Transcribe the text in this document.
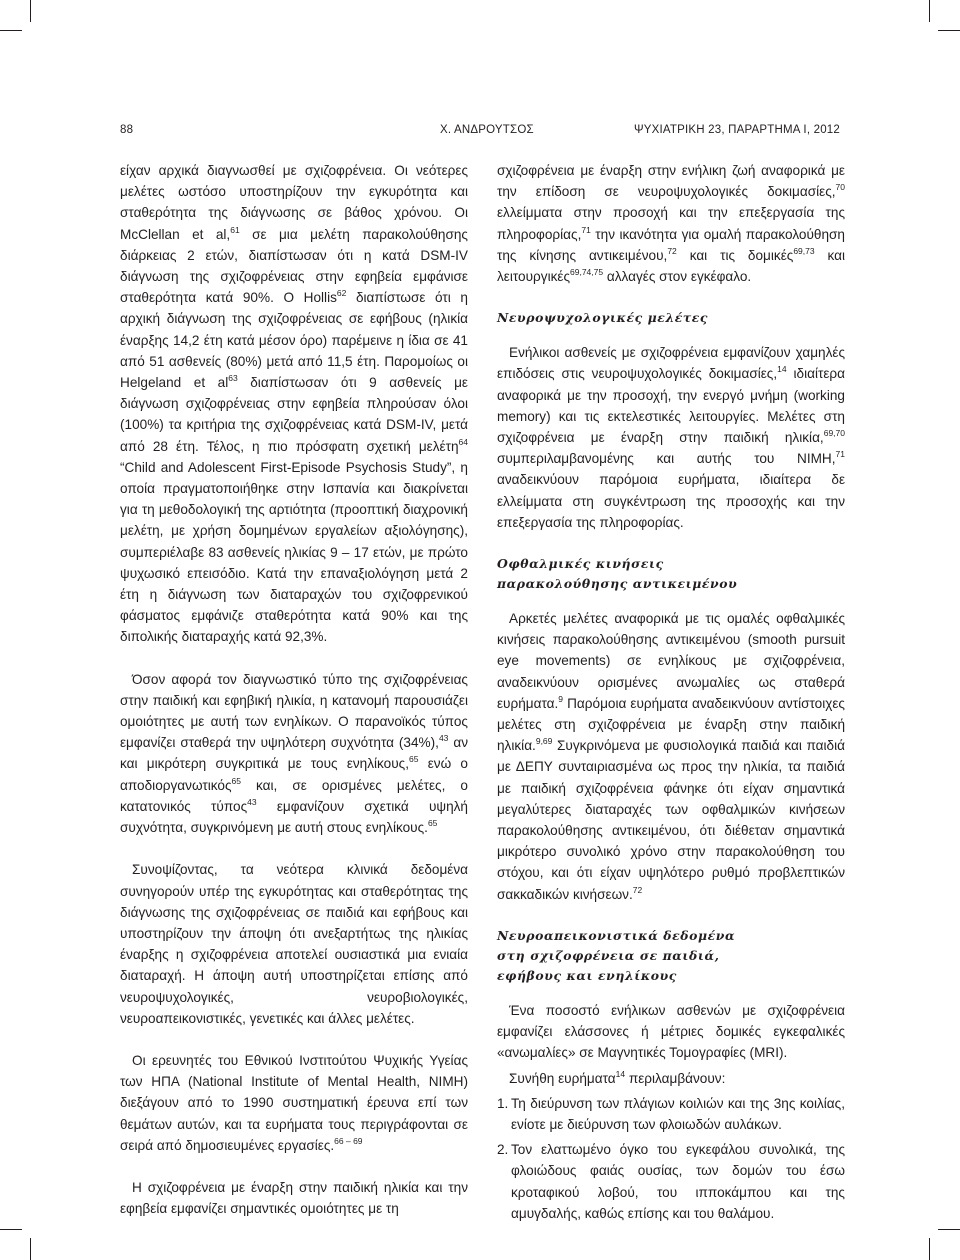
88	Χ. ΑΝΔΡΟΥΤΣΟΣ	ΨΥΧΙΑΤΡΙΚΗ 23, ΠΑΡΑΡΤΗΜΑ Ι, 2012

είχαν αρχικά διαγνωσθεί με σχιζοφρένεια. Οι νεότερες μελέτες ωστόσο υποστηρίζουν την εγκυρότητα και σταθερότητα της διάγνωσης σε βάθος χρόνου. Οι McClellan et al,$^{61}$ σε μια μελέτη παρακολούθησης διάρκειας 2 ετών, διαπίστωσαν ότι η κατά DSM-IV διάγνωση της σχιζοφρένειας στην εφηβεία εμφάνισε σταθερότητα κατά 90%. Ο Hollis$^{62}$ διαπίστωσε ότι η αρχική διάγνωση της σχιζοφρένειας σε εφήβους (ηλικία έναρξης 14,2 έτη κατά μέσον όρο) παρέμεινε η ίδια σε 41 από 51 ασθενείς (80%) μετά από 11,5 έτη. Παρομοίως οι Helgeland et $al^{63}$ διαπίστωσαν ότι 9 ασθενείς με διάγνωση σχιζοφρένειας στην εφηβεία πληρούσαν όλοι (100%) τα κριτήρια της σχιζοφρένειας κατά DSM-IV, μετά από 28 έτη. Τέλος, η πιο πρόσφατη σχετική μελέτη$^{64}$ “Child and Adolescent First-Episode Psychosis Study”, η οποία πραγματοποιήθηκε στην Ισπανία και διακρίνεται για τη μεθοδολογική της αρτιότητα (προοπτική διαχρονική μελέτη, με χρήση δομημένων εργαλείων αξιολόγησης), συμπεριέλαβε 83 ασθενείς ηλικίας 9 – 17 ετών, με πρώτο ψυχωσικό επεισόδιο. Κατά την επαναξιολόγηση μετά 2 έτη η διάγνωση των διαταραχών του σχιζοφρενικού φάσματος εμφάνιζε σταθερότητα κατά 90% και της διπολικής διαταραχής κατά 92,3%.

Όσον αφορά τον διαγνωστικό τύπο της σχιζοφρένειας στην παιδική και εφηβική ηλικία, η κατανομή παρουσιάζει ομοιότητες με αυτή των ενηλίκων. Ο παρανοϊκός τύπος εμφανίζει σταθερά την υψηλότερη συχνότητα (34%),$^{43}$ αν και μικρότερη συγκριτικά με τους ενηλίκους,$^{65}$ ενώ ο αποδιοργανωτικός$^{65}$ και, σε ορισμένες μελέτες, ο κατατονικός τύπος$^{43}$ εμφανίζουν σχετικά υψηλή συχνότητα, συγκρινόμενη με αυτή στους ενηλίκους.$^{65}$

Συνοψίζοντας, τα νεότερα κλινικά δεδομένα συνηγορούν υπέρ της εγκυρότητας και σταθερότητας της διάγνωσης της σχιζοφρένειας σε παιδιά και εφήβους και υποστηρίζουν την άποψη ότι ανεξαρτήτως της ηλικίας έναρξης η σχιζοφρένεια αποτελεί ουσιαστικά μια ενιαία διαταραχή. Η άποψη αυτή υποστηρίζεται επίσης από νευροψυχολογικές, νευροβιολογικές, νευροαπεικονιστικές, γενετικές και άλλες μελέτες.

Οι ερευνητές του Εθνικού Ινστιτούτου Ψυχικής Υγείας των ΗΠΑ (National Institute of Mental Health, NIMH) διεξάγουν από το 1990 συστηματική έρευνα επί των θεμάτων αυτών, και τα ευρήματα τους περιγράφονται σε σειρά από δημοσιευμένες εργασίες.$^{66 - 69}$

Η σχιζοφρένεια με έναρξη στην παιδική ηλικία και την εφηβεία εμφανίζει σημαντικές ομοιότητες με τη

σχιζοφρένεια με έναρξη στην ενήλικη ζωή αναφορικά με την επίδοση σε νευροψυχολογικές δοκιμασίες,$^{70}$ ελλείμματα στην προσοχή και την επεξεργασία της πληροφορίας,$^{71}$ την ικανότητα για ομαλή παρακολούθηση της κίνησης αντικειμένου,$^{72}$ και τις δομικές$^{69,73}$ και λειτουργικές$^{69,74,75}$ αλλαγές στον εγκέφαλο.

Νευροψυχολογικές μελέτες

Ενήλικοι ασθενείς με σχιζοφρένεια εμφανίζουν χαμηλές επιδόσεις στις νευροψυχολογικές δοκιμασίες,$^{14}$ ιδιαίτερα αναφορικά με την προσοχή, την ενεργό μνήμη (working memory) και τις εκτελεστικές λειτουργίες. Μελέτες στη σχιζοφρένεια με έναρξη στην παιδική ηλικία,$^{69,70}$ συμπεριλαμβανομένης και αυτής του ΝΙΜΗ,$^{71}$ αναδεικνύουν παρόμοια ευρήματα, ιδιαίτερα δε ελλείμματα στη συγκέντρωση της προσοχής και την επεξεργασία της πληροφορίας.

Οφθαλμικές κινήσεις
παρακολούθησης αντικειμένου

Αρκετές μελέτες αναφορικά με τις ομαλές οφθαλμικές κινήσεις παρακολούθησης αντικειμένου (smooth pursuit eye movements) σε ενηλίκους με σχιζοφρένεια, αναδεικνύουν ορισμένες ανωμαλίες ως σταθερά ευρήματα.$^9$ Παρόμοια ευρήματα αναδεικνύουν αντίστοιχες μελέτες στη σχιζοφρένεια με έναρξη στην παιδική ηλικία.$^{9,69}$ Συγκρινόμενα με φυσιολογικά παιδιά και παιδιά με ΔΕΠΥ συνταιριασμένα ως προς την ηλικία, τα παιδιά με παιδική σχιζοφρένεια φάνηκε ότι είχαν σημαντικά μεγαλύτερες διαταραχές των οφθαλμικών κινήσεων παρακολούθησης αντικειμένου, ότι διέθεταν σημαντικά μικρότερο συνολικό χρόνο στην παρακολούθηση του στόχου, και ότι είχαν υψηλότερο ρυθμό προβλεπτικών σακκαδικών κινήσεων.$^{72}$

Νευροαπεικονιστικά δεδομένα
στη σχιζοφρένεια σε παιδιά,
εφήβους και ενηλίκους

Ένα ποσοστό ενήλικων ασθενών με σχιζοφρένεια εμφανίζει ελάσσονες ή μέτριες δομικές εγκεφαλικές «ανωμαλίες» σε Μαγνητικές Τομογραφίες (MRI).

Συνήθη ευρήματα$^{14}$ περιλαμβάνουν:

1. Τη διεύρυνση των πλάγιων κοιλιών και της 3ης κοιλίας, ενίοτε με διεύρυνση των φλοιωδών αυλάκων.
2. Τον ελαττωμένο όγκο του εγκεφάλου συνολικά, της φλοιώδους φαιάς ουσίας, των δομών του έσω κροταφικού λοβού, του ιπποκάμπου και της αμυγδαλής, καθώς επίσης και του θαλάμου.
